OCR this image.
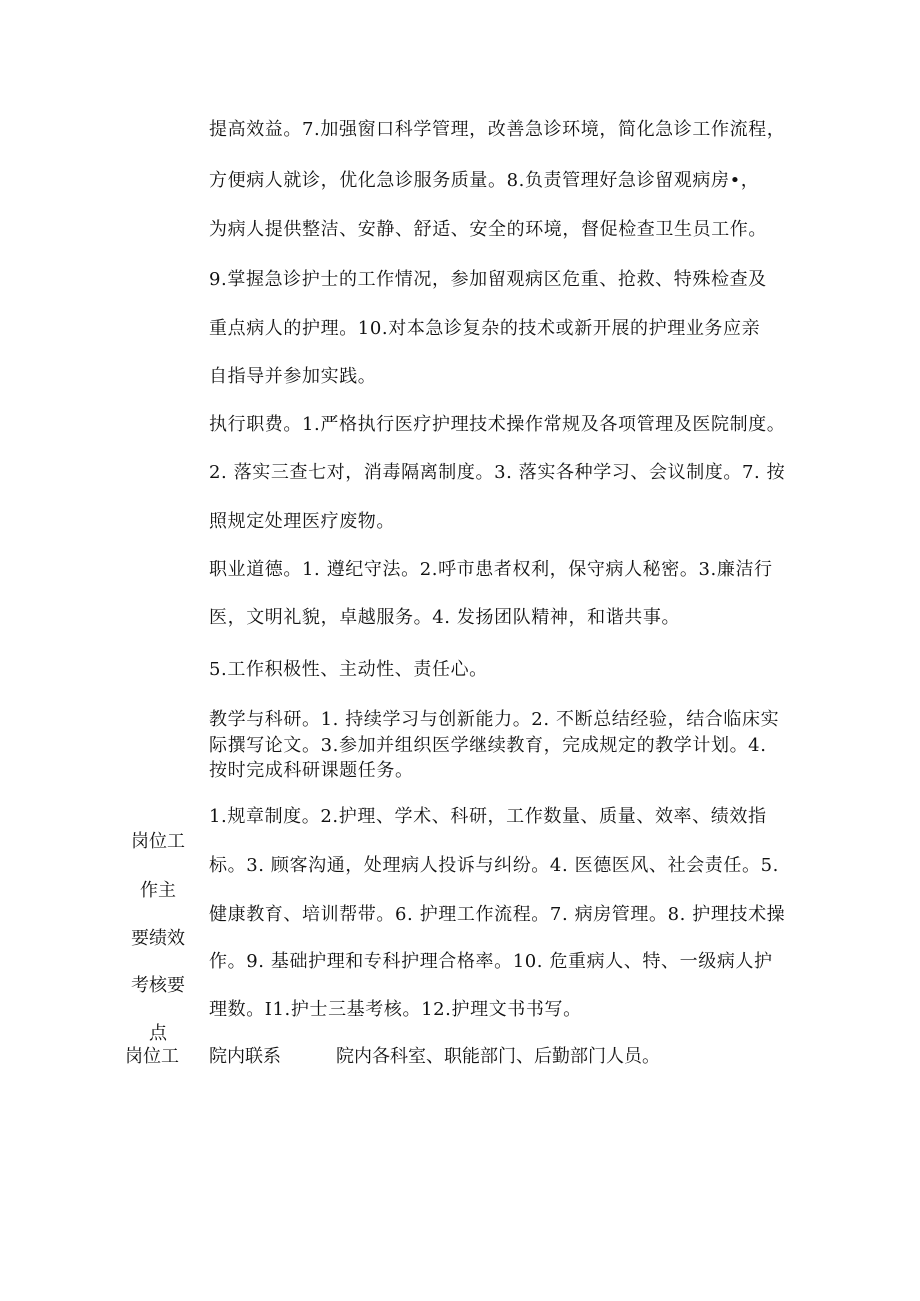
提高效益。7.加强窗口科学管理，改善急诊环境，简化急诊工作流程，
方便病人就诊，优化急诊服务质量。8.负责管理好急诊留观病房•，
为病人提供整洁、安静、舒适、安全的环境，督促检查卫生员工作。
9.掌握急诊护士的工作情况，参加留观病区危重、抢救、特殊检查及
重点病人的护理。10.对本急诊复杂的技术或新开展的护理业务应亲
自指导并参加实践。
执行职费。1.严格执行医疗护理技术操作常规及各项管理及医院制度。
2. 落实三查七对，消毒隔离制度。3. 落实各种学习、会议制度。7. 按
照规定处理医疗废物。
职业道德。1. 遵纪守法。2.呼市患者权利，保守病人秘密。3.廉洁行
医，文明礼貌，卓越服务。4. 发扬团队精神，和谐共事。
5.工作积极性、主动性、责任心。
教学与科研。1. 持续学习与创新能力。2. 不断总结经验，结合临床实
际撰写论文。3.参加并组织医学继续教育，完成规定的教学计划。4.
按时完成科研课题任务。
岗位工
作主
要绩效
考核要
点
1.规章制度。2.护理、学术、科研，工作数量、质量、效率、绩效指
标。3. 顾客沟通，处理病人投诉与纠纷。4. 医德医风、社会责任。5.
健康教育、培训帮带。6. 护理工作流程。7. 病房管理。8. 护理技术操
作。9. 基础护理和专科护理合格率。10. 危重病人、特、一级病人护
理数。I1.护士三基考核。12.护理文书书写。
岗位工 院内联系	院内各科室、职能部门、后勤部门人员。
